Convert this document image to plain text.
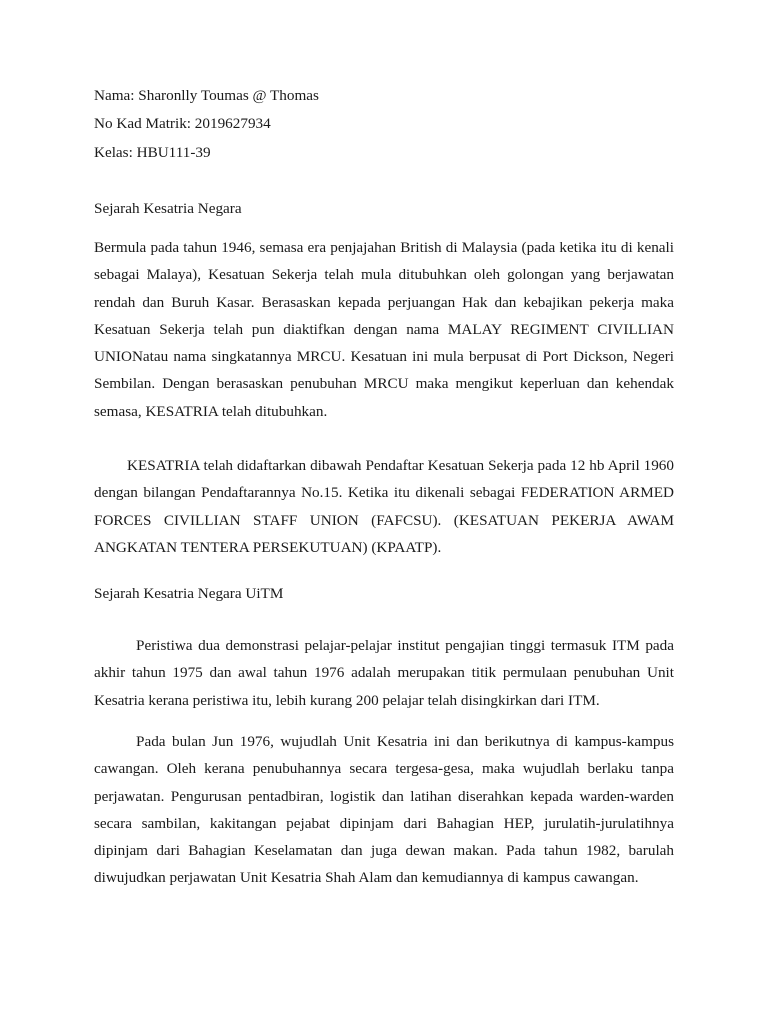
Nama: Sharonlly Toumas @ Thomas

No Kad Matrik: 2019627934

Kelas: HBU111-39

Sejarah Kesatria Negara

Bermula pada tahun 1946, semasa era penjajahan British di Malaysia (pada ketika itu di kenali sebagai Malaya), Kesatuan Sekerja telah mula ditubuhkan oleh golongan yang berjawatan rendah dan Buruh Kasar. Berasaskan kepada perjuangan Hak dan kebajikan pekerja maka Kesatuan Sekerja telah pun diaktifkan dengan nama MALAY REGIMENT CIVILLIAN UNIONatau nama singkatannya MRCU. Kesatuan ini mula berpusat di Port Dickson, Negeri Sembilan. Dengan berasaskan penubuhan MRCU maka mengikut keperluan dan kehendak semasa, KESATRIA telah ditubuhkan.

KESATRIA telah didaftarkan dibawah Pendaftar Kesatuan Sekerja pada 12 hb April 1960 dengan bilangan Pendaftarannya No.15. Ketika itu dikenali sebagai FEDERATION ARMED FORCES CIVILLIAN STAFF UNION (FAFCSU). (KESATUAN PEKERJA AWAM ANGKATAN TENTERA PERSEKUTUAN) (KPAATP).

Sejarah Kesatria Negara UiTM

Peristiwa dua demonstrasi pelajar-pelajar institut pengajian tinggi termasuk ITM pada akhir tahun 1975 dan awal tahun 1976 adalah merupakan titik permulaan penubuhan Unit Kesatria kerana peristiwa itu, lebih kurang 200 pelajar telah disingkirkan dari ITM.

Pada bulan Jun 1976, wujudlah Unit Kesatria ini dan berikutnya di kampus-kampus cawangan. Oleh kerana penubuhannya secara tergesa-gesa, maka wujudlah berlaku tanpa perjawatan. Pengurusan pentadbiran, logistik dan latihan diserahkan kepada warden-warden secara sambilan, kakitangan pejabat dipinjam dari Bahagian HEP, jurulatih-jurulatihnya dipinjam dari Bahagian Keselamatan dan juga dewan makan. Pada tahun 1982, barulah diwujudkan perjawatan Unit Kesatria Shah Alam dan kemudiannya di kampus cawangan.
